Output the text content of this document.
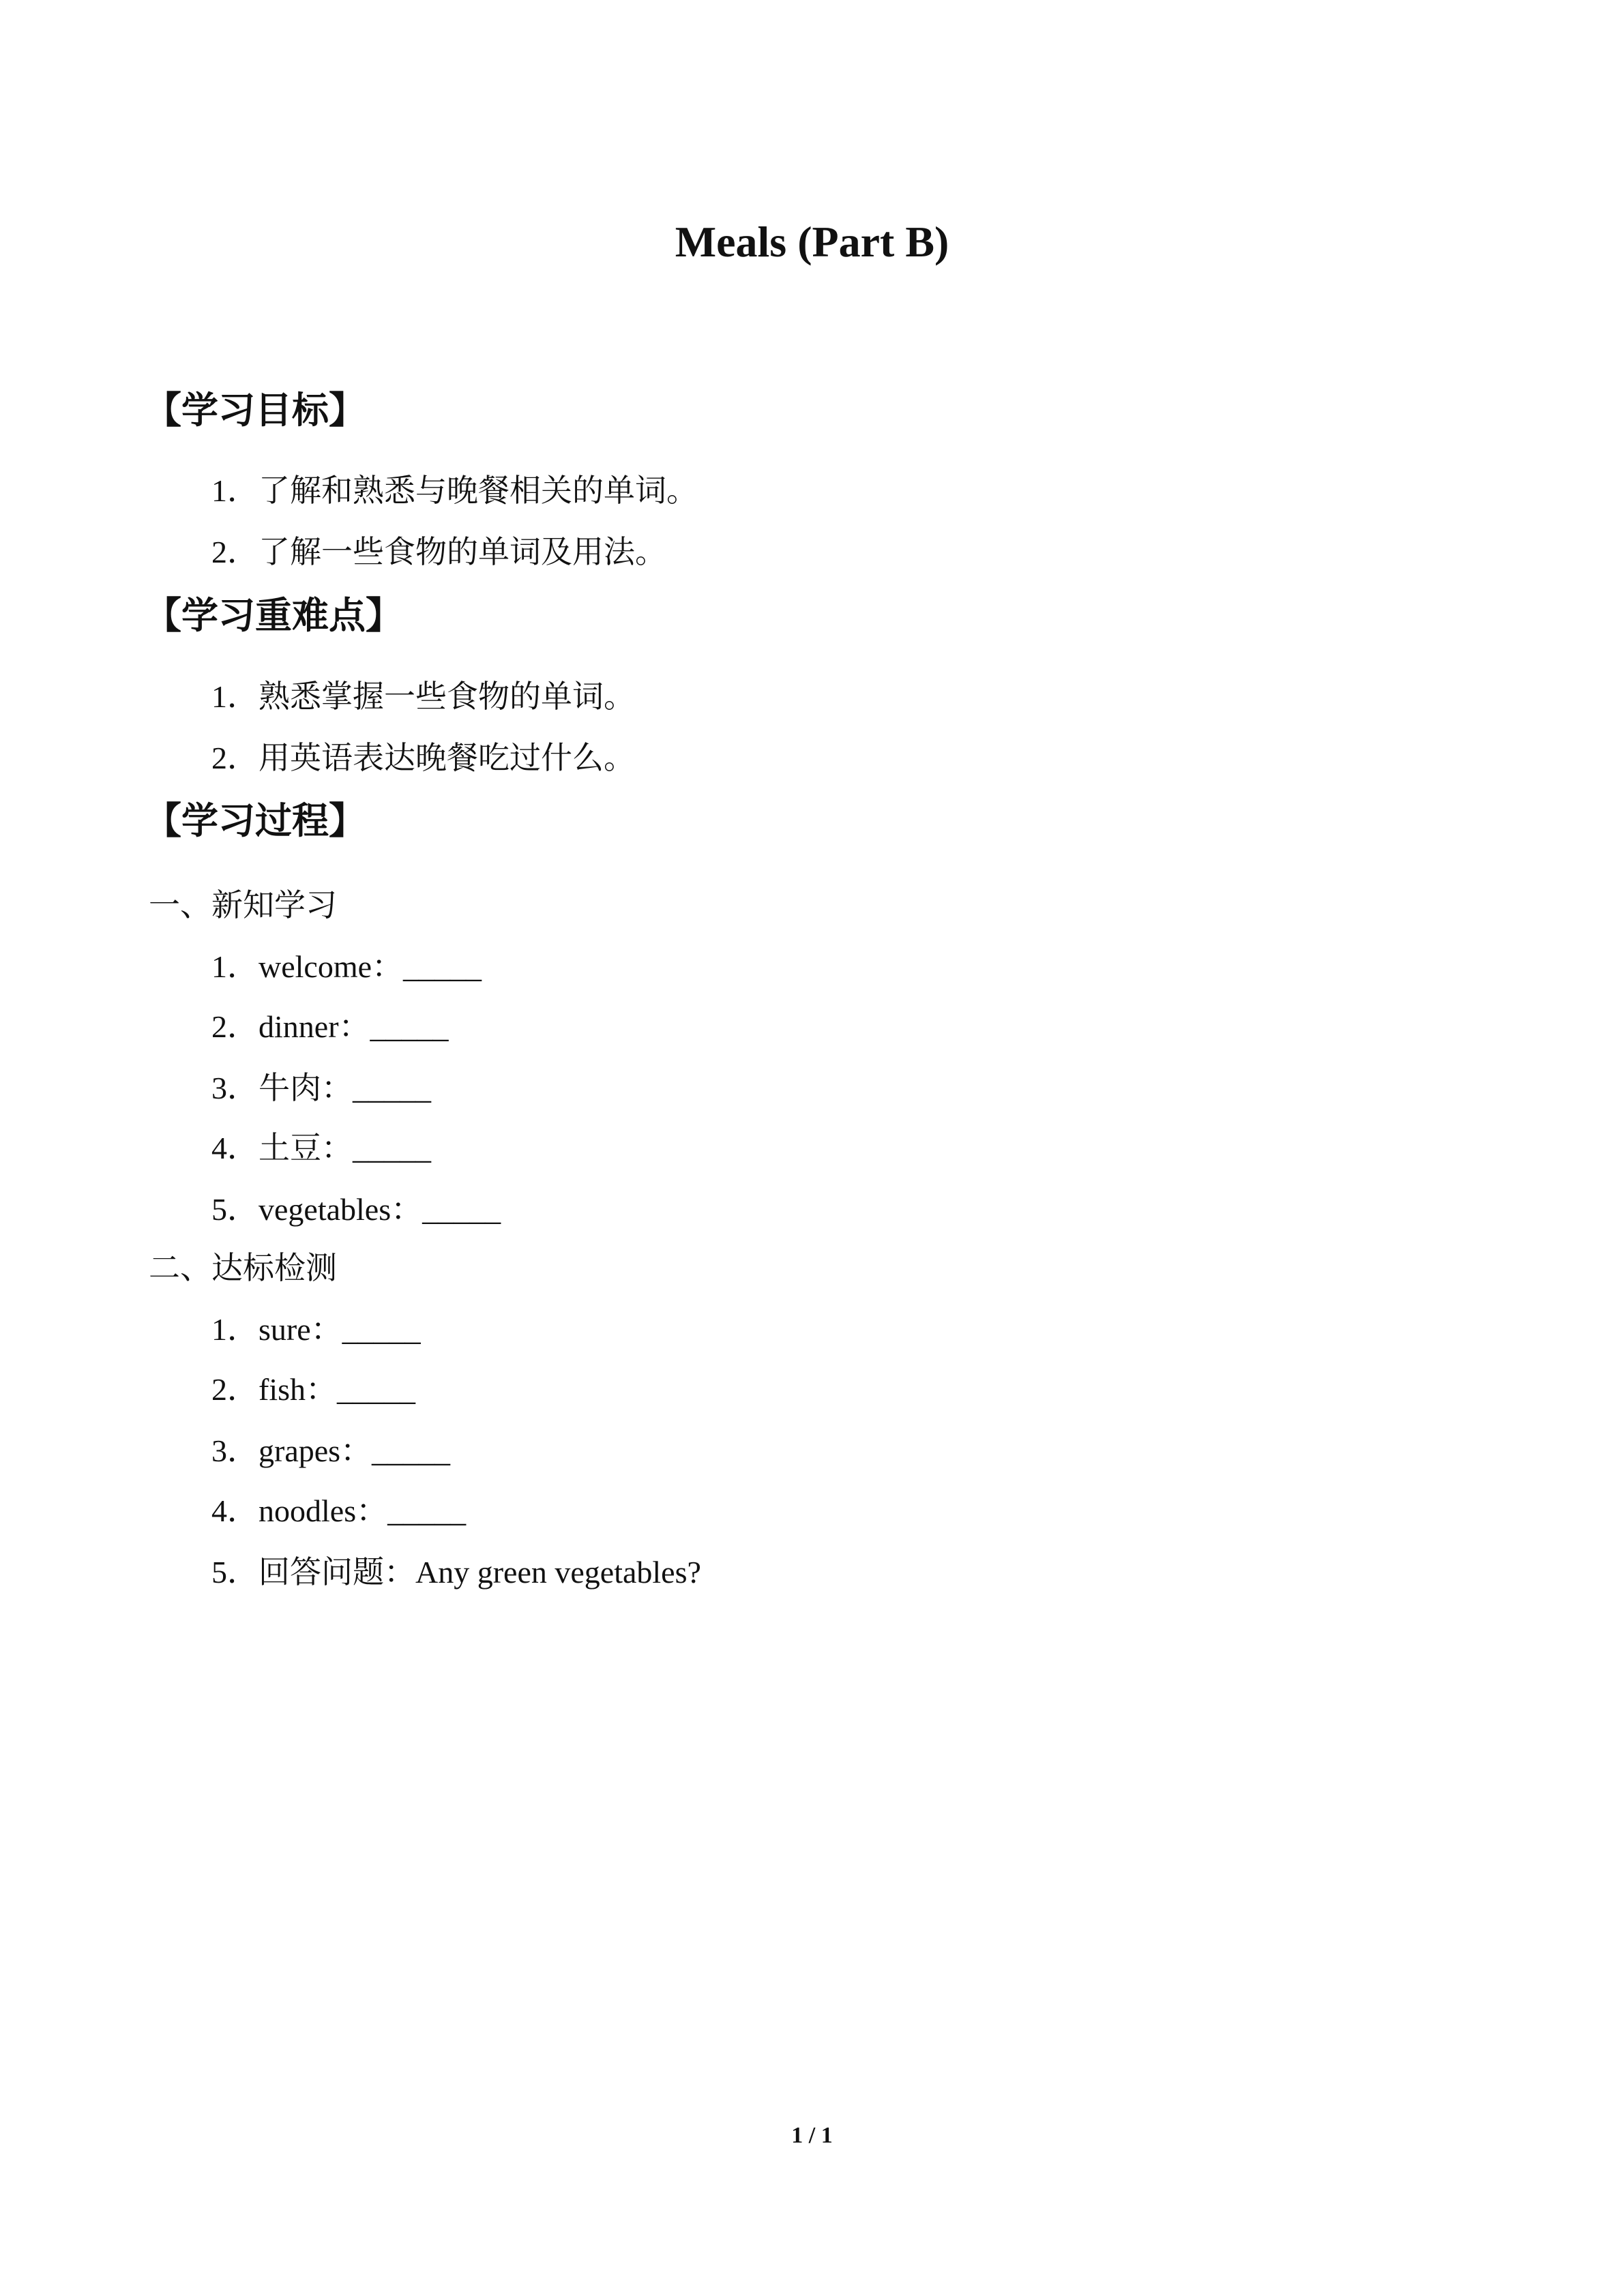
Meals (Part B)
【学习目标】
1．了解和熟悉与晚餐相关的单词。
2．了解一些食物的单词及用法。
【学习重难点】
1．熟悉掌握一些食物的单词。
2．用英语表达晚餐吃过什么。
【学习过程】
一、新知学习
1．welcome：_____
2．dinner：_____
3．牛肉：_____
4．土豆：_____
5．vegetables：_____
二、达标检测
1．sure：_____
2．fish：_____
3．grapes：_____
4．noodles：_____
5．回答问题：Any green vegetables?
1 / 1
